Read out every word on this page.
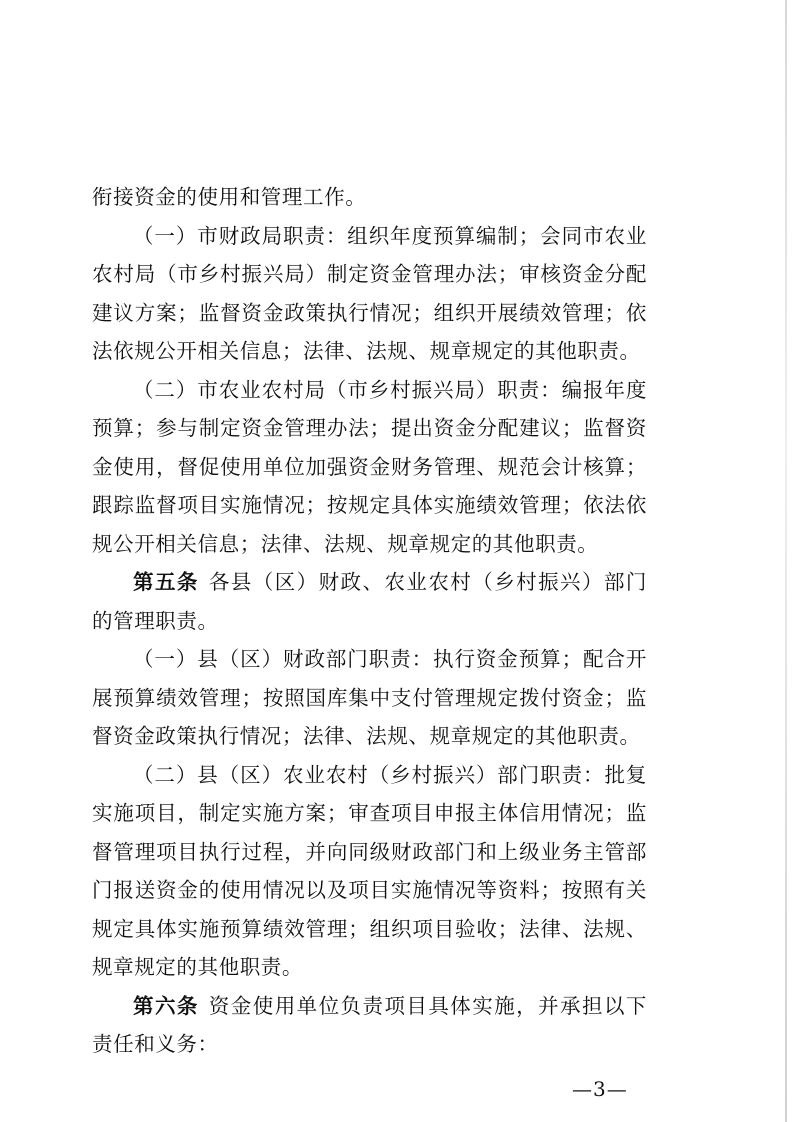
衔接资金的使用和管理工作。

（一）市财政局职责：组织年度预算编制；会同市农业农村局（市乡村振兴局）制定资金管理办法；审核资金分配建议方案；监督资金政策执行情况；组织开展绩效管理；依法依规公开相关信息；法律、法规、规章规定的其他职责。

（二）市农业农村局（市乡村振兴局）职责：编报年度预算；参与制定资金管理办法；提出资金分配建议；监督资金使用，督促使用单位加强资金财务管理、规范会计核算；跟踪监督项目实施情况；按规定具体实施绩效管理；依法依规公开相关信息；法律、法规、规章规定的其他职责。

第五条 各县（区）财政、农业农村（乡村振兴）部门的管理职责。

（一）县（区）财政部门职责：执行资金预算；配合开展预算绩效管理；按照国库集中支付管理规定拨付资金；监督资金政策执行情况；法律、法规、规章规定的其他职责。

（二）县（区）农业农村（乡村振兴）部门职责：批复实施项目，制定实施方案；审查项目申报主体信用情况；监督管理项目执行过程，并向同级财政部门和上级业务主管部门报送资金的使用情况以及项目实施情况等资料；按照有关规定具体实施预算绩效管理；组织项目验收；法律、法规、规章规定的其他职责。

第六条 资金使用单位负责项目具体实施，并承担以下责任和义务：

—3—
